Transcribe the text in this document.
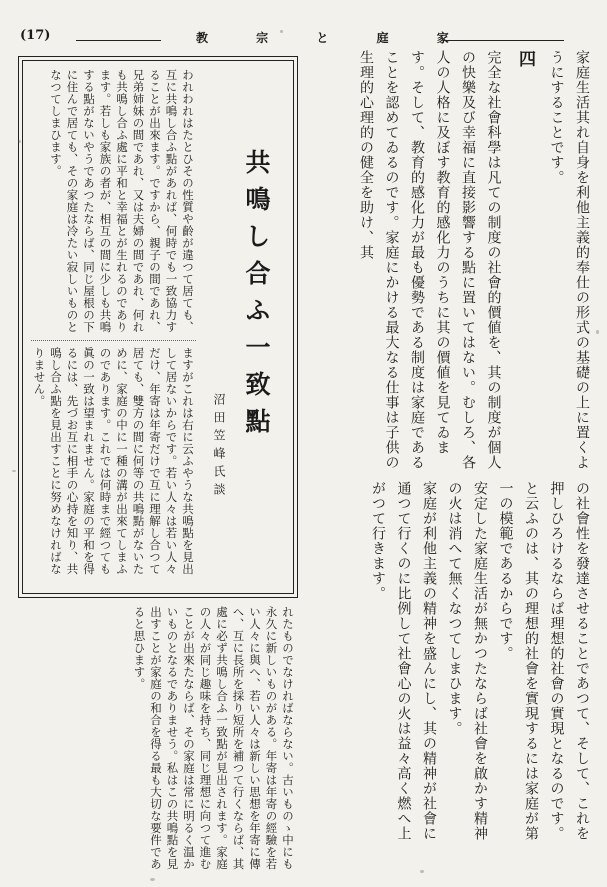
(17)	教 宗 と 庭 家

家庭生活其れ自身を利他主義的奉仕の形式の基礎の上に置くようにすることです。

四

完全な社會科學は凡ての制度の社會的價値を、其の制度が個人の快樂及び幸福に直接影響する點に置いてはない。むしろ、各人の人格に及ぼす教育的感化力のうちに其の價値を見てゐます。そして、教育的感化力が最も優勢である制度は家庭であることを認めてゐるのです。家庭にかける最大なる仕事は子供の生理的心理的の健全を助け、其

の社會性を發達させることであつて、そして、これを押しひろけるならば理想的社會の實現となるのです。

と云ふのは、其の理想的社會を實現するには家庭が第一の模範であるからです。

安定した家庭生活が無かつたならば社會を啟かす精神の火は消へて無くなつてしまひます。

家庭が利他主義の精神を盛んにし、其の精神が社會に通つて行くのに比例して社會心の火は益々高く燃へ上がつて行きます。

共鳴し合ふ一致點
沼田笠峰氏談
われわれはたとひその性質や齡が違つて居ても、互に共鳴し合ふ點があれば、何時でも一致協力することが出來ます。ですから、親子の間であれ、兄弟姉妹の間であれ、又は夫婦の間であれ、何れも共鳴し合ふ處に平和と幸福とが生れるのであります。若しも家族の者が、相互の間に少しも共鳴する點がないやうであつたならば、同じ屋根の下に住んで居ても、その家庭は冷たい寂しいものとなつてしまひます。
ますがこれは右に云ふやうな共鳴點を見出して居ないからです。若い人々は若い人々だけ、年寄は年寄だけで互に理解し合つて居ても、雙方の間に何等の共鳴點がないために、家庭の中に一種の溝が出來てしまふのであります。これでは何時まで經つても眞の一致は望まれません。家庭の平和を得るには、先づお互に相手の心持を知り、共鳴し合ふ點を見出すことに努めなければなりません。
れたものでなければならない。古いものゝ中にも永久に新しいものがある。年寄は年寄の經驗を若い人々に與へ、若い人々は新しい思想を年寄に傳へ、互に長所を採り短所を補つて行くならば、其處に必ず共鳴し合ふ一致點が見出されます。家庭の人々が同じ趣味を持ち、同じ理想に向つて進むことが出來たならば、その家庭は常に明るく温かいものとなるでありませう。私はこの共鳴點を見出すことが家庭の和合を得る最も大切な要件であると思ひます。
